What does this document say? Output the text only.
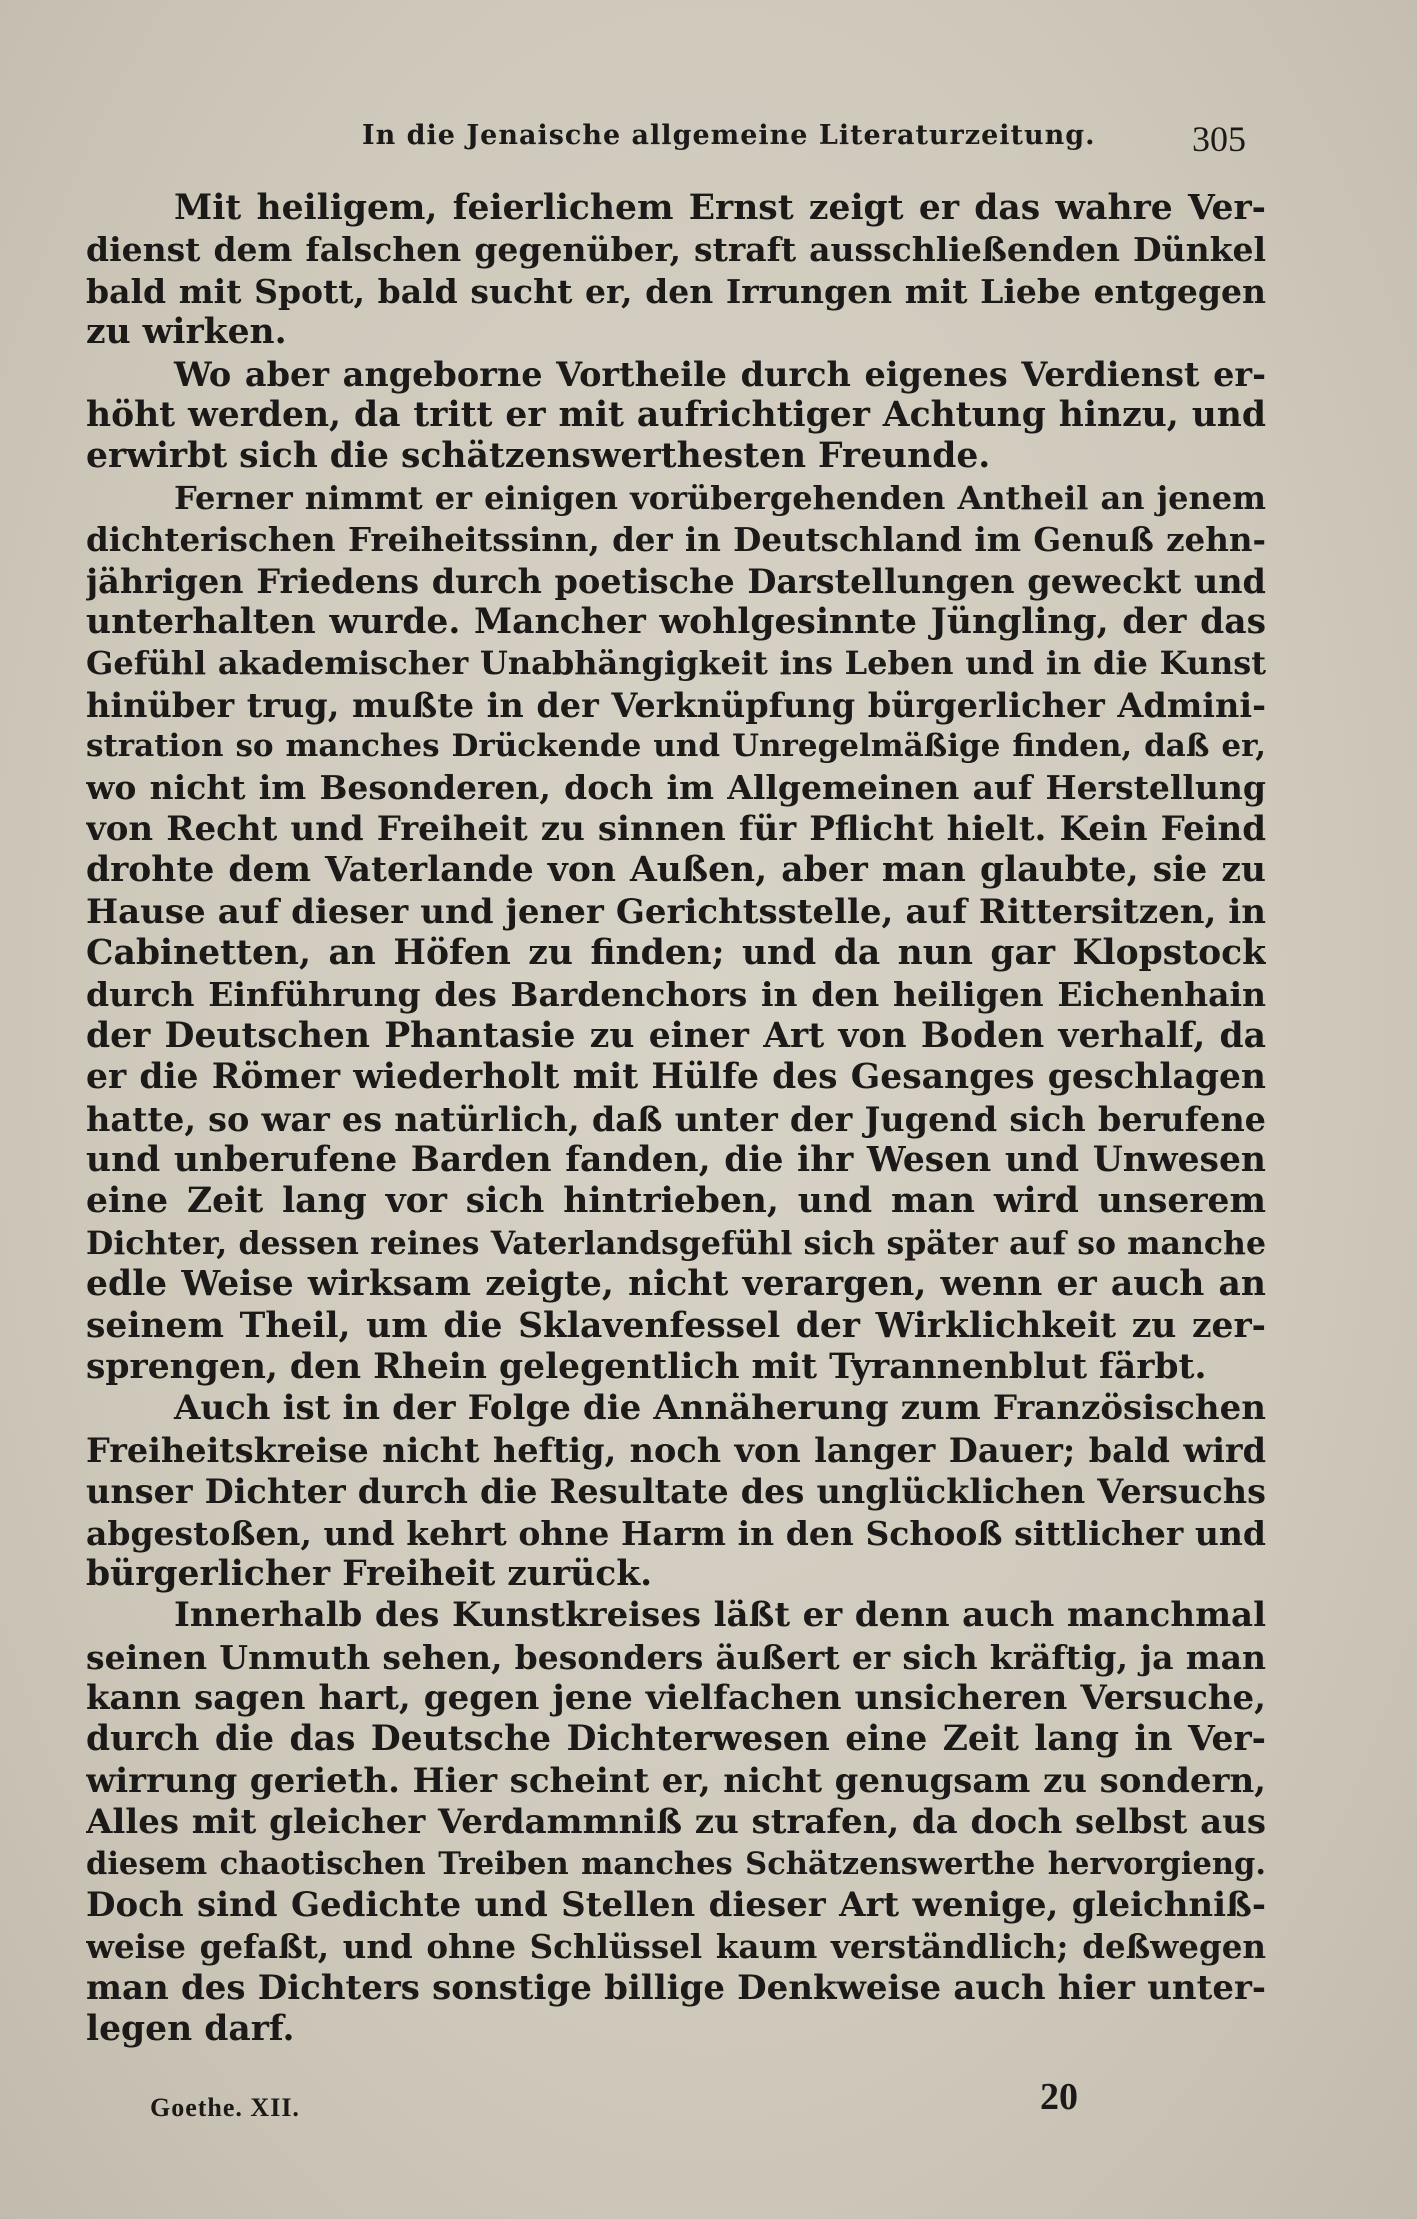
In die Jenaische allgemeine Literaturzeitung.	305
Mit heiligem, feierlichem Ernst zeigt er das wahre Ver-
dienst dem falschen gegenüber, straft ausschließenden Dünkel
bald mit Spott, bald sucht er, den Irrungen mit Liebe entgegen
zu wirken.
Wo aber angeborne Vortheile durch eigenes Verdienst er-
höht werden, da tritt er mit aufrichtiger Achtung hinzu, und
erwirbt sich die schätzenswerthesten Freunde.
Ferner nimmt er einigen vorübergehenden Antheil an jenem
dichterischen Freiheitssinn, der in Deutschland im Genuß zehn-
jährigen Friedens durch poetische Darstellungen geweckt und
unterhalten wurde. Mancher wohlgesinnte Jüngling, der das
Gefühl akademischer Unabhängigkeit ins Leben und in die Kunst
hinüber trug, mußte in der Verknüpfung bürgerlicher Admini-
stration so manches Drückende und Unregelmäßige finden, daß er,
wo nicht im Besonderen, doch im Allgemeinen auf Herstellung
von Recht und Freiheit zu sinnen für Pflicht hielt. Kein Feind
drohte dem Vaterlande von Außen, aber man glaubte, sie zu
Hause auf dieser und jener Gerichtsstelle, auf Rittersitzen, in
Cabinetten, an Höfen zu finden; und da nun gar Klopstock
durch Einführung des Bardenchors in den heiligen Eichenhain
der Deutschen Phantasie zu einer Art von Boden verhalf, da
er die Römer wiederholt mit Hülfe des Gesanges geschlagen
hatte, so war es natürlich, daß unter der Jugend sich berufene
und unberufene Barden fanden, die ihr Wesen und Unwesen
eine Zeit lang vor sich hintrieben, und man wird unserem
Dichter, dessen reines Vaterlandsgefühl sich später auf so manche
edle Weise wirksam zeigte, nicht verargen, wenn er auch an
seinem Theil, um die Sklavenfessel der Wirklichkeit zu zer-
sprengen, den Rhein gelegentlich mit Tyrannenblut färbt.
Auch ist in der Folge die Annäherung zum Französischen
Freiheitskreise nicht heftig, noch von langer Dauer; bald wird
unser Dichter durch die Resultate des unglücklichen Versuchs
abgestoßen, und kehrt ohne Harm in den Schooß sittlicher und
bürgerlicher Freiheit zurück.
Innerhalb des Kunstkreises läßt er denn auch manchmal
seinen Unmuth sehen, besonders äußert er sich kräftig, ja man
kann sagen hart, gegen jene vielfachen unsicheren Versuche,
durch die das Deutsche Dichterwesen eine Zeit lang in Ver-
wirrung gerieth. Hier scheint er, nicht genugsam zu sondern,
Alles mit gleicher Verdammniß zu strafen, da doch selbst aus
diesem chaotischen Treiben manches Schätzenswerthe hervorgieng.
Doch sind Gedichte und Stellen dieser Art wenige, gleichniß-
weise gefaßt, und ohne Schlüssel kaum verständlich; deßwegen
man des Dichters sonstige billige Denkweise auch hier unter-
legen darf.
Goethe. XII.	20
